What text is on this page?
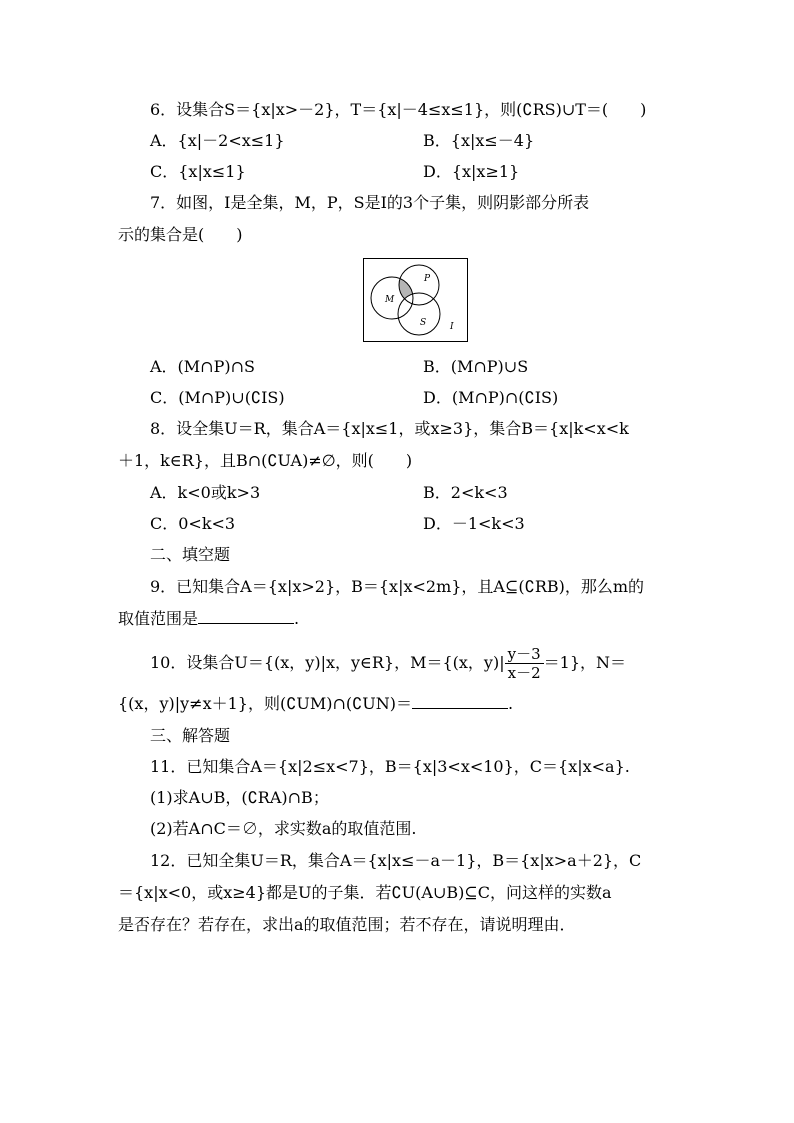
6．设集合S＝{x|x>－2}，T＝{x|－4≤x≤1}，则(∁RS)∪T＝(　　)
A．{x|－2<x≤1}	B．{x|x≤－4}
C．{x|x≤1}	D．{x|x≥1}
7．如图，I是全集，M，P，S是I的3个子集，则阴影部分所表
示的集合是(　　)
P
M
S	I
A．(M∩P)∩S	B．(M∩P)∪S
C．(M∩P)∪(∁IS)	D．(M∩P)∩(∁IS)
8．设全集U＝R，集合A＝{x|x≤1，或x≥3}，集合B＝{x|k<x<k
＋1，k∈R}，且B∩(∁UA)≠∅，则(　　)
A．k<0或k>3	B．2<k<3
C．0<k<3	D．－1<k<3
二、填空题
9．已知集合A＝{x|x>2}，B＝{x|x<2m}，且A⊆(∁RB)，那么m的
取值范围是	.
10．设集合U＝{(x，y)|x，y∈R}，M＝{(x，$y)| \frac{y-3}{x-2} =1$}，N＝
{(x，y)|y≠x＋1}，则(∁UM)∩(∁UN)＝	.
三、解答题
11．已知集合A＝{x|2≤x<7}，B＝{x|3<x<10}，C＝{x|x<a}.
(1)求A∪B，(∁RA)∩B；
(2)若A∩C＝∅，求实数a的取值范围.
12．已知全集U＝R，集合A＝{x|x≤－a－1}，B＝{x|x>a＋2}，C
＝{x|x<0，或x≥4}都是U的子集．若∁U(A∪B)⊆C，问这样的实数a
是否存在？若存在，求出a的取值范围；若不存在，请说明理由．
